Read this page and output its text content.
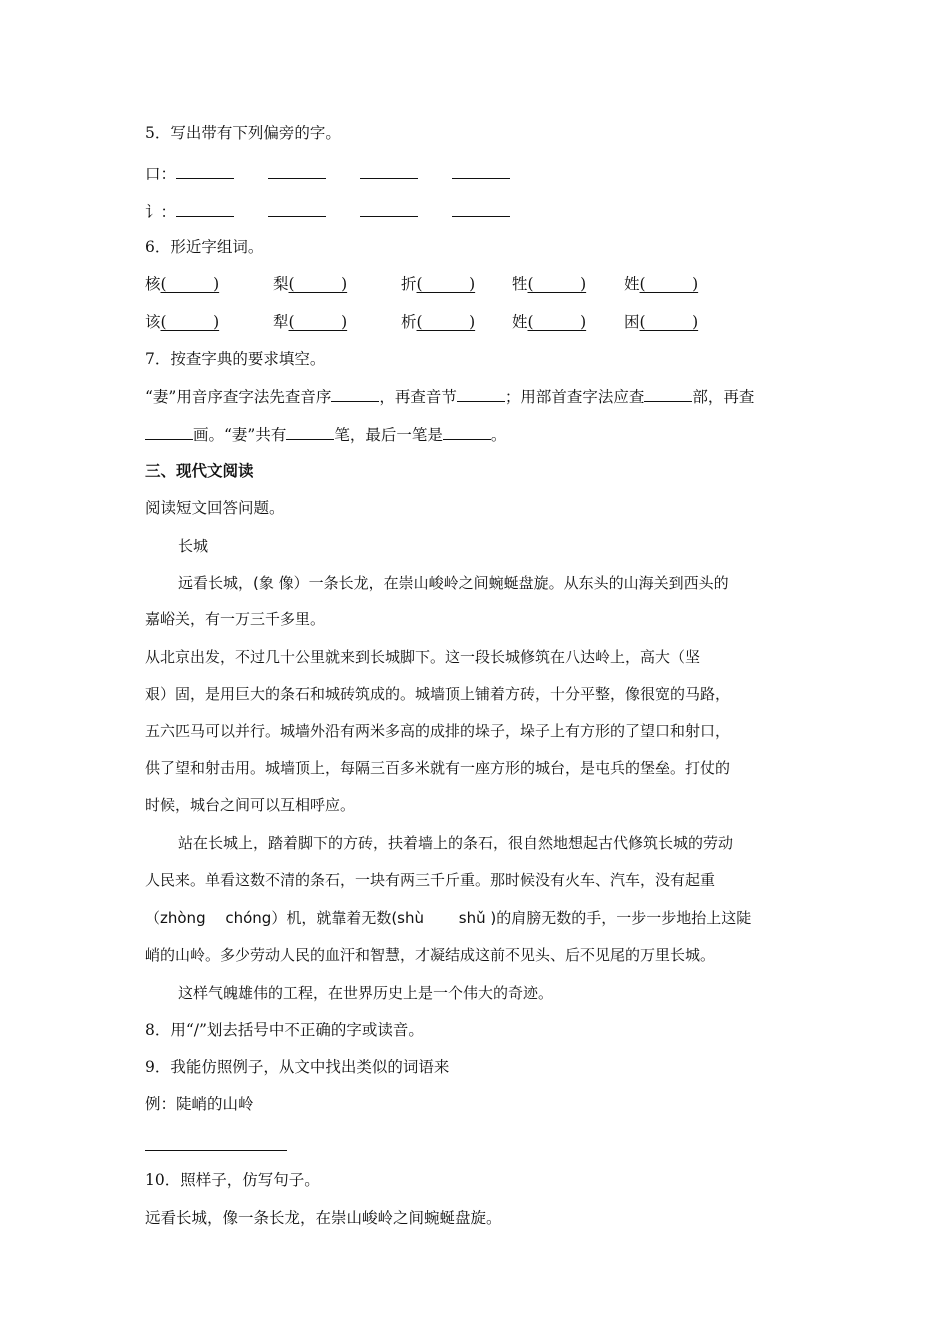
5．写出带有下列偏旁的字。
口：
讠：
6．形近字组词。
核(______)	梨(______)	折(______) 牲(______) 姓(______)
该(______)	犁(______)	析(______) 姓(______) 困(______)
7．按查字典的要求填空。
“妻”用音序查字法先查音序	，再查音节	；用部首查字法应查	部，再查
画。“妻”共有	笔，最后一笔是	。
三、现代文阅读
阅读短文回答问题。
长城
远看长城，(象 像）一条长龙，在崇山峻岭之间蜿蜒盘旋。从东头的山海关到西头的
嘉峪关，有一万三千多里。
从北京出发，不过几十公里就来到长城脚下。这一段长城修筑在八达岭上，高大（坚
艰）固，是用巨大的条石和城砖筑成的。城墙顶上铺着方砖，十分平整，像很宽的马路，
五六匹马可以并行。城墙外沿有两米多高的成排的垛子，垛子上有方形的了望口和射口，
供了望和射击用。城墙顶上，每隔三百多米就有一座方形的城台，是屯兵的堡垒。打仗的
时候，城台之间可以互相呼应。
站在长城上，踏着脚下的方砖，扶着墙上的条石，很自然地想起古代修筑长城的劳动
人民来。单看这数不清的条石，一块有两三千斤重。那时候没有火车、汽车，没有起重
（zhòng　 chóng）机，就靠着无数(shù　　 shǔ )的肩膀无数的手，一步一步地抬上这陡
峭的山岭。多少劳动人民的血汗和智慧，才凝结成这前不见头、后不见尾的万里长城。
这样气魄雄伟的工程，在世界历史上是一个伟大的奇迹。
8．用“/”划去括号中不正确的字或读音。
9．我能仿照例子，从文中找出类似的词语来
例：陡峭的山岭
10．照样子，仿写句子。
远看长城，像一条长龙，在崇山峻岭之间蜿蜒盘旋。
